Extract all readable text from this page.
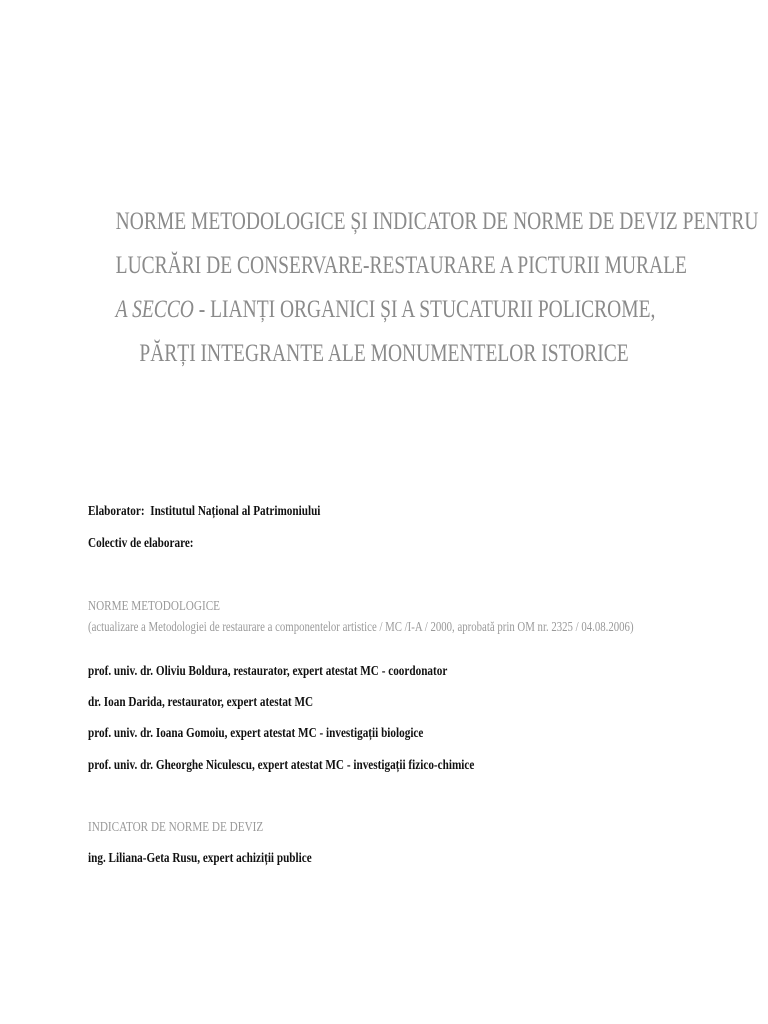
NORME METODOLOGICE ȘI INDICATOR DE NORME DE DEVIZ PENTRU
LUCRĂRI DE CONSERVARE-RESTAURARE A PICTURII MURALE
A SECCO - LIANȚI ORGANICI ȘI A STUCATURII POLICROME,
PĂRȚI INTEGRANTE ALE MONUMENTELOR ISTORICE
Elaborator: Institutul Național al Patrimoniului
Colectiv de elaborare:
NORME METODOLOGICE
(actualizare a Metodologiei de restaurare a componentelor artistice / MC /I-A / 2000, aprobată prin OM nr. 2325 / 04.08.2006)
prof. univ. dr. Oliviu Boldura, restaurator, expert atestat MC - coordonator
dr. Ioan Darida, restaurator, expert atestat MC
prof. univ. dr. Ioana Gomoiu, expert atestat MC - investigații biologice
prof. univ. dr. Gheorghe Niculescu, expert atestat MC - investigații fizico-chimice
INDICATOR DE NORME DE DEVIZ
ing. Liliana-Geta Rusu, expert achiziții publice
